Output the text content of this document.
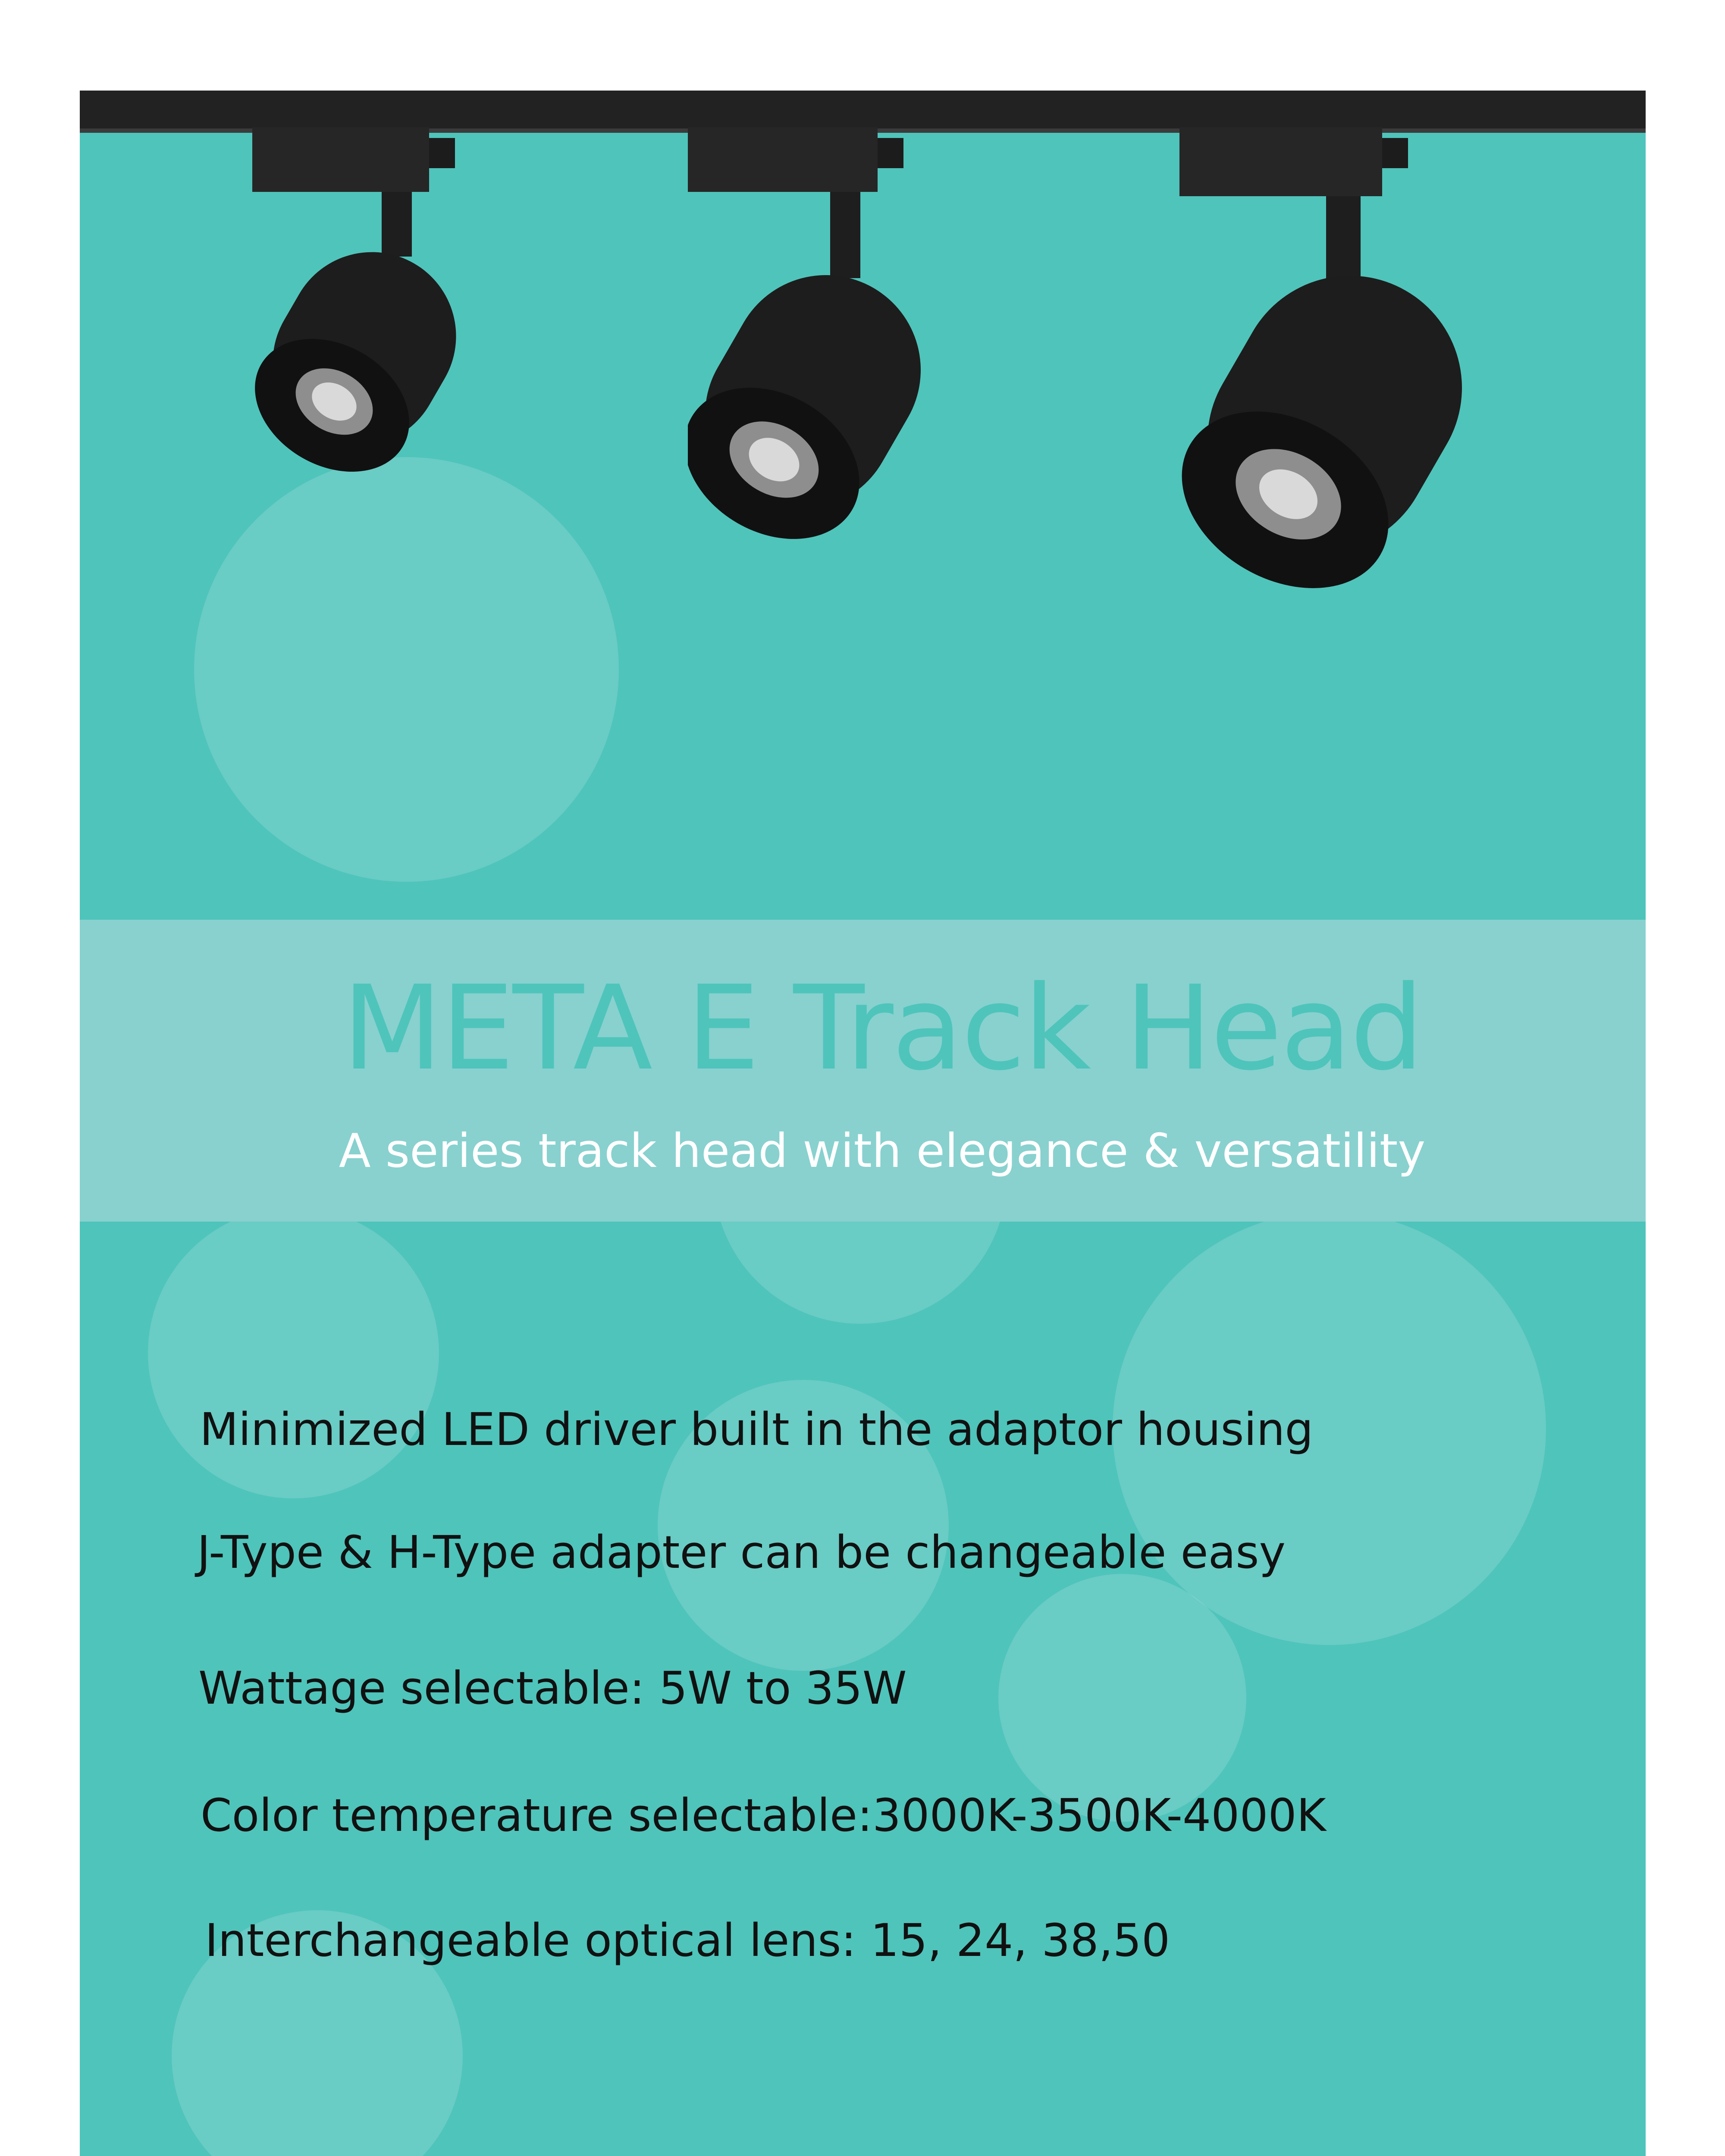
META E Track Head
A series track head with elegance & versatility
Minimized LED driver built in the adaptor housing
J-Type & H-Type adapter can be changeable easy
Wattage selectable: 5W to 35W
Color temperature selectable:3000K-3500K-4000K
Interchangeable optical lens: 15, 24, 38,50
